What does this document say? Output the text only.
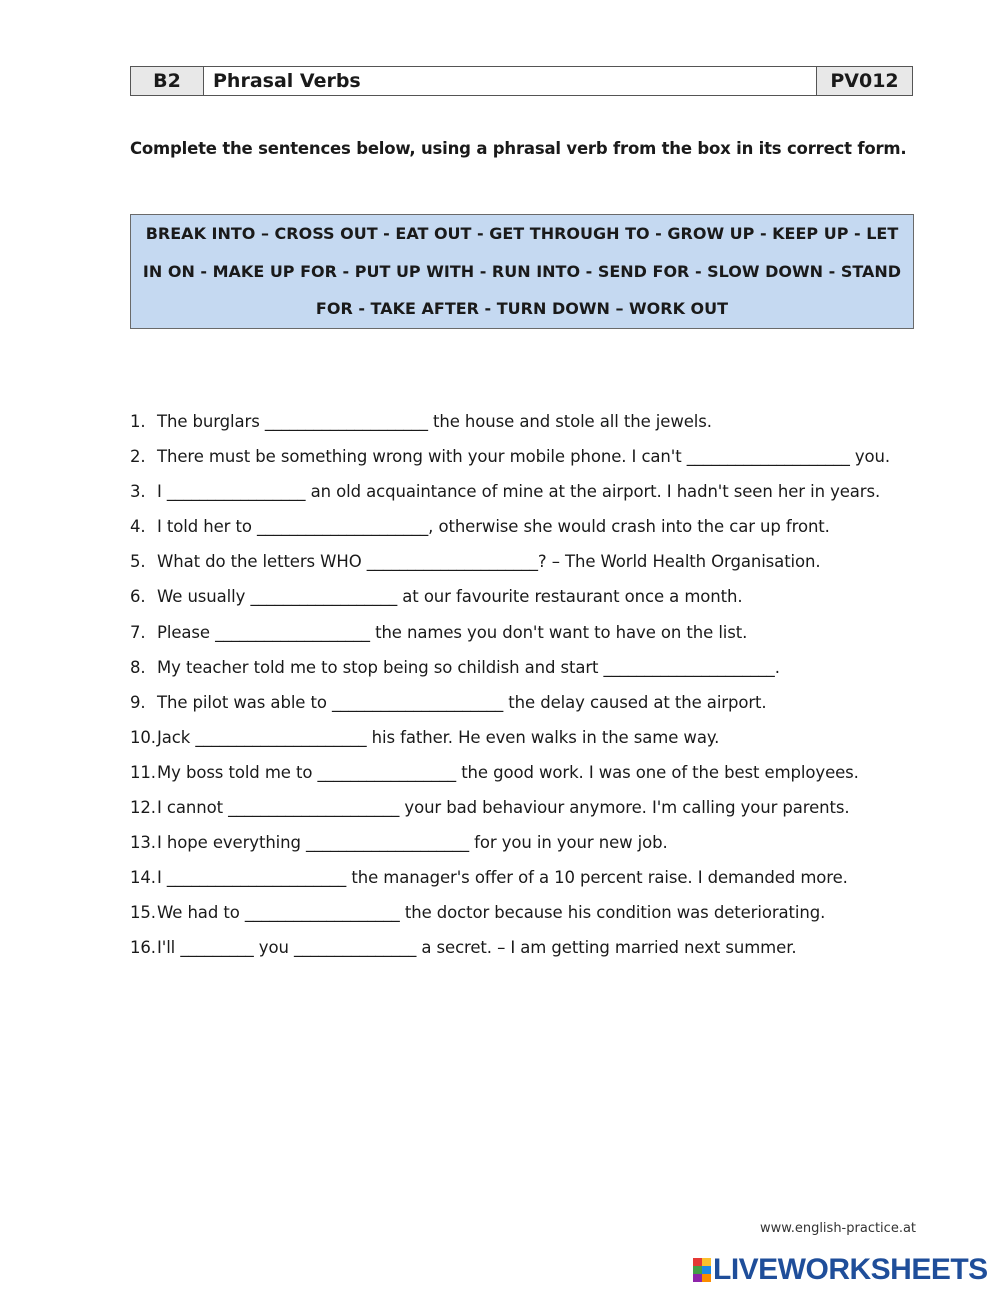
B2	Phrasal Verbs	PV012
Complete the sentences below, using a phrasal verb from the box in its correct form.
BREAK INTO – CROSS OUT - EAT OUT - GET THROUGH TO - GROW UP - KEEP UP - LET IN ON - MAKE UP FOR - PUT UP WITH - RUN INTO - SEND FOR - SLOW DOWN - STAND FOR - TAKE AFTER - TURN DOWN – WORK OUT
1. The burglars ____________________ the house and stole all the jewels.
2. There must be something wrong with your mobile phone. I can't ____________________ you.
3. I _________________ an old acquaintance of mine at the airport. I hadn't seen her in years.
4. I told her to _____________________, otherwise she would crash into the car up front.
5. What do the letters WHO _____________________? – The World Health Organisation.
6. We usually __________________ at our favourite restaurant once a month.
7. Please ___________________ the names you don't want to have on the list.
8. My teacher told me to stop being so childish and start _____________________.
9. The pilot was able to _____________________ the delay caused at the airport.
10. Jack _____________________ his father. He even walks in the same way.
11. My boss told me to _________________ the good work. I was one of the best employees.
12. I cannot _____________________ your bad behaviour anymore. I'm calling your parents.
13. I hope everything ____________________ for you in your new job.
14. I ______________________ the manager's offer of a 10 percent raise. I demanded more.
15. We had to ___________________ the doctor because his condition was deteriorating.
16. I'll _________ you _______________ a secret. – I am getting married next summer.
www.english-practice.at
LIVEWORKSHEETS
